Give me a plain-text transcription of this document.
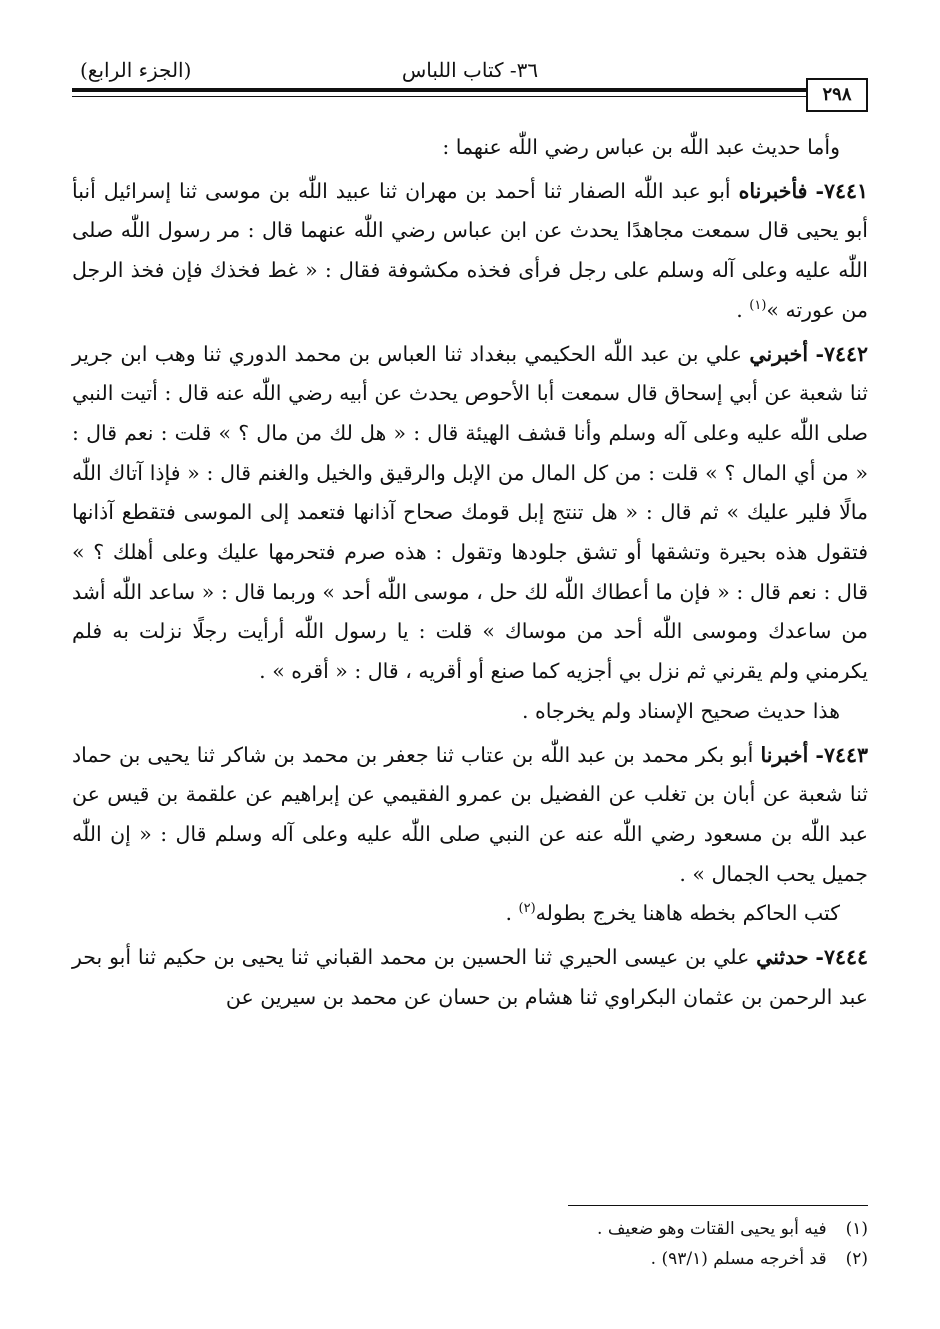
٣٦- كتاب اللباس
(الجزء الرابع)
٢٩٨

وأما حديث عبد اللّٰه بن عباس رضي اللّٰه عنهما :

٧٤٤١- فأخبرناه أبو عبد اللّٰه الصفار ثنا أحمد بن مهران ثنا عبيد اللّٰه بن موسى ثنا إسرائيل أنبأ أبو يحيى قال سمعت مجاهدًا يحدث عن ابن عباس رضي اللّٰه عنهما قال : مر رسول اللّٰه صلى اللّٰه عليه وعلى آله وسلم على رجل فرأى فخذه مكشوفة فقال : « غط فخذك فإن فخذ الرجل من عورته »$^{(١)}$ .

٧٤٤٢- أخبرني علي بن عبد اللّٰه الحكيمي ببغداد ثنا العباس بن محمد الدوري ثنا وهب ابن جرير ثنا شعبة عن أبي إسحاق قال سمعت أبا الأحوص يحدث عن أبيه رضي اللّٰه عنه قال : أتيت النبي صلى اللّٰه عليه وعلى آله وسلم وأنا قشف الهيئة قال : « هل لك من مال ؟ » قلت : نعم قال : « من أي المال ؟ » قلت : من كل المال من الإبل والرقيق والخيل والغنم قال : « فإذا آتاك اللّٰه مالًا فلير عليك » ثم قال : « هل تنتج إبل قومك صحاح آذانها فتعمد إلى الموسى فتقطع آذانها فتقول هذه بحيرة وتشقها أو تشق جلودها وتقول : هذه صرم فتحرمها عليك وعلى أهلك ؟ » قال : نعم قال : « فإن ما أعطاك اللّٰه لك حل ، موسى اللّٰه أحد » وربما قال : « ساعد اللّٰه أشد من ساعدك وموسى اللّٰه أحد من موساك » قلت : يا رسول اللّٰه أرأيت رجلًا نزلت به فلم يكرمني ولم يقرني ثم نزل بي أجزيه كما صنع أو أقريه ، قال : « أقره » .

هذا حديث صحيح الإسناد ولم يخرجاه .

٧٤٤٣- أخبرنا أبو بكر محمد بن عبد اللّٰه بن عتاب ثنا جعفر بن محمد بن شاكر ثنا يحيى بن حماد ثنا شعبة عن أبان بن تغلب عن الفضيل بن عمرو الفقيمي عن إبراهيم عن علقمة بن قيس عن عبد اللّٰه بن مسعود رضي اللّٰه عنه عن النبي صلى اللّٰه عليه وعلى آله وسلم قال : « إن اللّٰه جميل يحب الجمال » .

كتب الحاكم بخطه هاهنا يخرج بطوله$^{(٢)}$ .

٧٤٤٤- حدثني علي بن عيسى الحيري ثنا الحسين بن محمد القباني ثنا يحيى بن حكيم ثنا أبو بحر عبد الرحمن بن عثمان البكراوي ثنا هشام بن حسان عن محمد بن سيرين عن

(١) فيه أبو يحيى القتات وهو ضعيف .

(٢) قد أخرجه مسلم (٩٣/١) .
